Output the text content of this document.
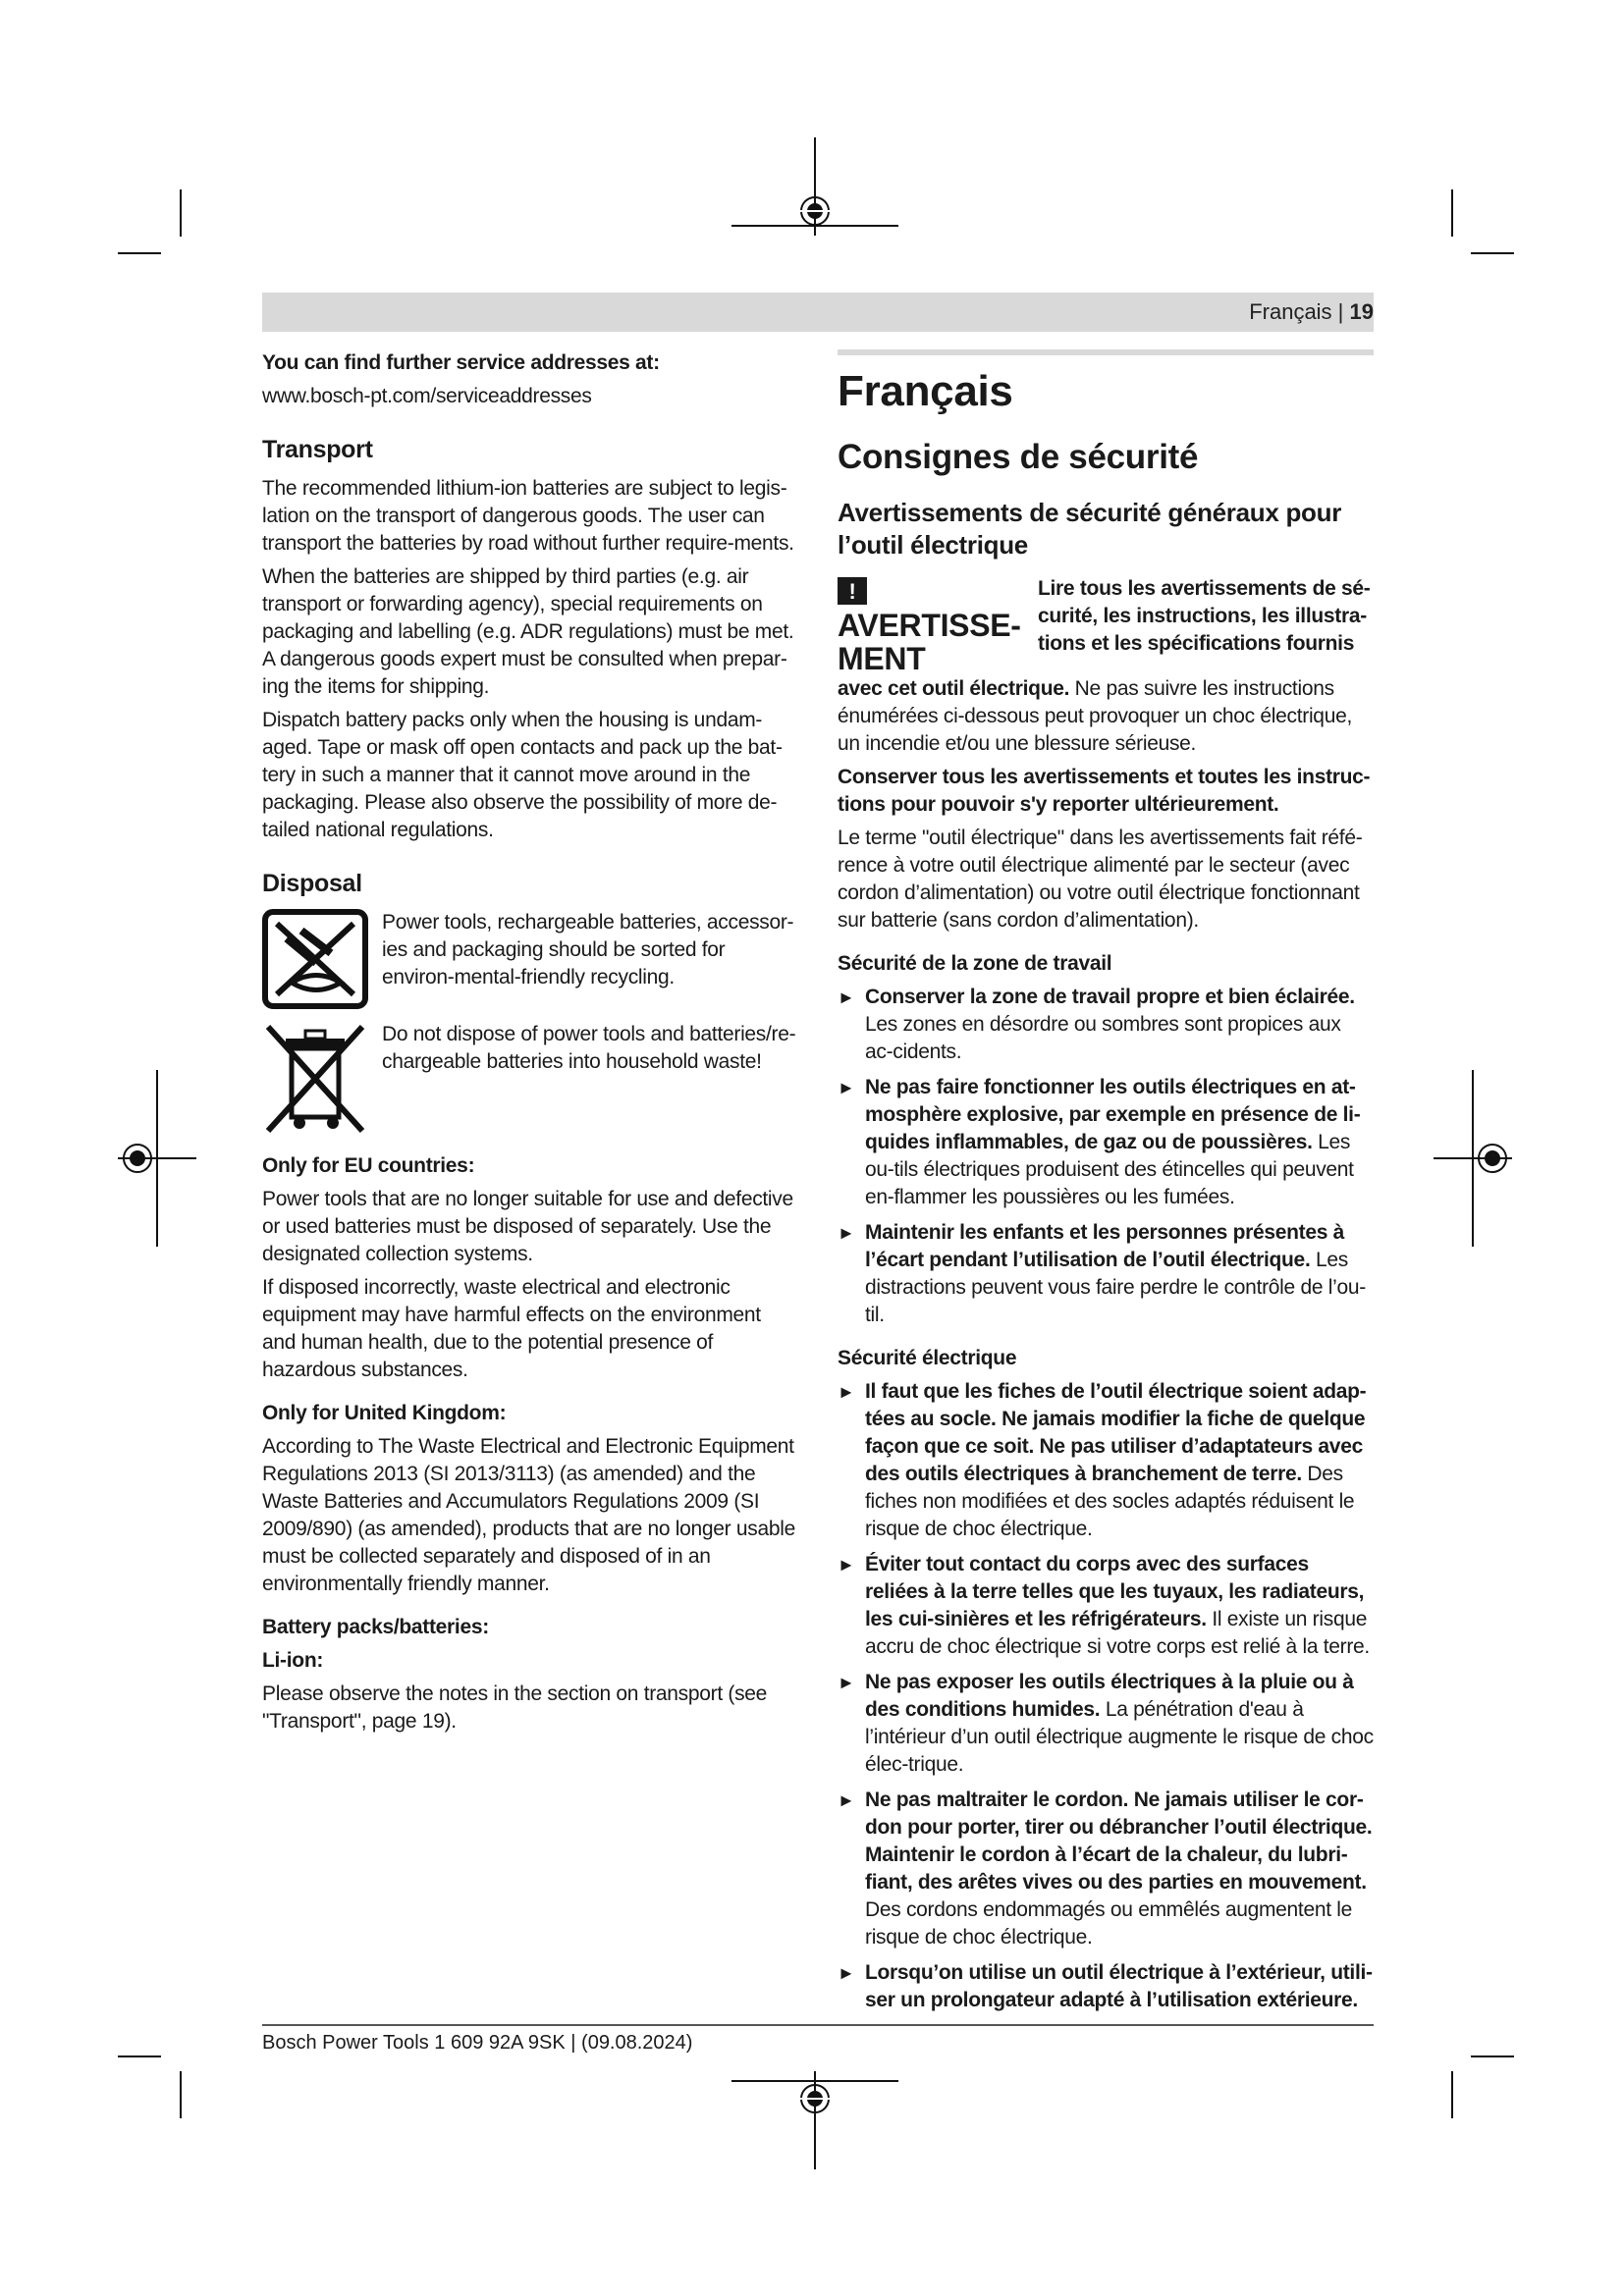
Français | 19

You can find further service addresses at:

www.bosch-pt.com/serviceaddresses

Transport

The recommended lithium-ion batteries are subject to legis-lation on the transport of dangerous goods. The user can transport the batteries by road without further require-ments.

When the batteries are shipped by third parties (e.g. air transport or forwarding agency), special requirements on packaging and labelling (e.g. ADR regulations) must be met. A dangerous goods expert must be consulted when prepar-ing the items for shipping.

Dispatch battery packs only when the housing is undam-aged. Tape or mask off open contacts and pack up the bat-tery in such a manner that it cannot move around in the packaging. Please also observe the possibility of more de-tailed national regulations.

Disposal
Power tools, rechargeable batteries, accessor-ies and packaging should be sorted for environ-mental-friendly recycling.
Do not dispose of power tools and batteries/re-chargeable batteries into household waste!
Only for EU countries:

Power tools that are no longer suitable for use and defective or used batteries must be disposed of separately. Use the designated collection systems.

If disposed incorrectly, waste electrical and electronic equipment may have harmful effects on the environment and human health, due to the potential presence of hazardous substances.

Only for United Kingdom:

According to The Waste Electrical and Electronic Equipment Regulations 2013 (SI 2013/3113) (as amended) and the Waste Batteries and Accumulators Regulations 2009 (SI 2009/890) (as amended), products that are no longer usable must be collected separately and disposed of in an environmentally friendly manner.

Battery packs/batteries:
Li-ion:

Please observe the notes in the section on transport (see "Transport", page 19).

Français
Consignes de sécurité
Avertissements de sécurité généraux pour l’outil électrique
!AVERTISSE-MENT
Lire tous les avertissements de sé-curité, les instructions, les illustra-tions et les spécifications fournis

avec cet outil électrique. Ne pas suivre les instructions énumérées ci-dessous peut provoquer un choc électrique, un incendie et/ou une blessure sérieuse.

Conserver tous les avertissements et toutes les instruc-tions pour pouvoir s'y reporter ultérieurement.

Le terme "outil électrique" dans les avertissements fait réfé-rence à votre outil électrique alimenté par le secteur (avec cordon d’alimentation) ou votre outil électrique fonctionnant sur batterie (sans cordon d’alimentation).

Sécurité de la zone de travail
► Conserver la zone de travail propre et bien éclairée. Les zones en désordre ou sombres sont propices aux ac-cidents.
► Ne pas faire fonctionner les outils électriques en at-mosphère explosive, par exemple en présence de li-quides inflammables, de gaz ou de poussières. Les ou-tils électriques produisent des étincelles qui peuvent en-flammer les poussières ou les fumées.
► Maintenir les enfants et les personnes présentes à l’écart pendant l’utilisation de l’outil électrique. Les distractions peuvent vous faire perdre le contrôle de l’ou-til.
Sécurité électrique
► Il faut que les fiches de l’outil électrique soient adap-tées au socle. Ne jamais modifier la fiche de quelque façon que ce soit. Ne pas utiliser d’adaptateurs avec des outils électriques à branchement de terre. Des fiches non modifiées et des socles adaptés réduisent le risque de choc électrique.
► Éviter tout contact du corps avec des surfaces reliées à la terre telles que les tuyaux, les radiateurs, les cui-sinières et les réfrigérateurs. Il existe un risque accru de choc électrique si votre corps est relié à la terre.
► Ne pas exposer les outils électriques à la pluie ou à des conditions humides. La pénétration d'eau à l’intérieur d’un outil électrique augmente le risque de choc élec-trique.
► Ne pas maltraiter le cordon. Ne jamais utiliser le cor-don pour porter, tirer ou débrancher l’outil électrique. Maintenir le cordon à l’écart de la chaleur, du lubri-fiant, des arêtes vives ou des parties en mouvement. Des cordons endommagés ou emmêlés augmentent le risque de choc électrique.
► Lorsqu’on utilise un outil électrique à l’extérieur, utili-ser un prolongateur adapté à l’utilisation extérieure.
Bosch Power Tools 1 609 92A 9SK | (09.08.2024)
